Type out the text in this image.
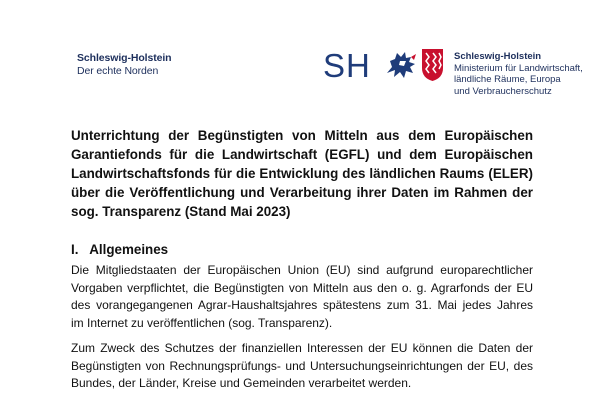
Schleswig-Holstein
Der echte Norden	SH	Schleswig-Holstein
Ministerium für Landwirtschaft,
ländliche Räume, Europa
und Verbraucherschutz
Unterrichtung der Begünstigten von Mitteln aus dem Europäischen
Garantiefonds für die Landwirtschaft (EGFL) und dem Europäischen
Landwirtschaftsfonds für die Entwicklung des ländlichen Raums (ELER)
über die Veröffentlichung und Verarbeitung ihrer Daten im Rahmen der
sog. Transparenz (Stand Mai 2023)
I. Allgemeines

Die Mitgliedstaaten der Europäischen Union (EU) sind aufgrund europarechtlicher
Vorgaben verpflichtet, die Begünstigten von Mitteln aus den o. g. Agrarfonds der EU
des vorangegangenen Agrar-Haushaltsjahres spätestens zum 31. Mai jedes Jahres
im Internet zu veröffentlichen (sog. Transparenz).

Zum Zweck des Schutzes der finanziellen Interessen der EU können die Daten der
Begünstigten von Rechnungsprüfungs- und Untersuchungseinrichtungen der EU, des
Bundes, der Länder, Kreise und Gemeinden verarbeitet werden.
